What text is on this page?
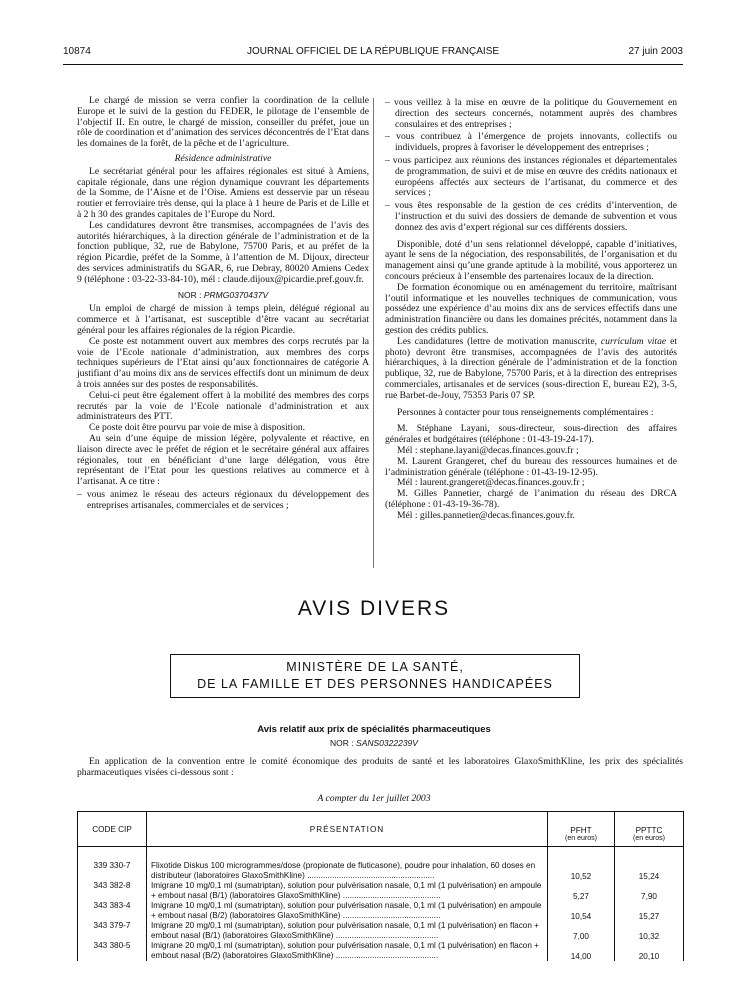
10874	JOURNAL OFFICIEL DE LA RÉPUBLIQUE FRANÇAISE	27 juin 2003

Le chargé de mission se verra confier la coordination de la cellule Europe et le suivi de la gestion du FEDER, le pilotage de l’ensemble de l’objectif II. En outre, le chargé de mission, conseiller du préfet, joue un rôle de coordination et d’animation des services déconcentrés de l’Etat dans les domaines de la forêt, de la pêche et de l’agriculture.

Résidence administrative

Le secrétariat général pour les affaires régionales est situé à Amiens, capitale régionale, dans une région dynamique couvrant les départements de la Somme, de l’Aisne et de l’Oise. Amiens est desservie par un réseau routier et ferroviaire très dense, qui la place à 1 heure de Paris et de Lille et à 2 h 30 des grandes capitales de l’Europe du Nord.

Les candidatures devront être transmises, accompagnées de l’avis des autorités hiérarchiques, à la direction générale de l’administration et de la fonction publique, 32, rue de Babylone, 75700 Paris, et au préfet de la région Picardie, préfet de la Somme, à l’attention de M. Dijoux, directeur des services administratifs du SGAR, 6, rue Debray, 80020 Amiens Cedex 9 (téléphone : 03-22-33-84-10), mél : claude.dijoux@picardie.pref.gouv.fr.

NOR : PRMG0370437V

Un emploi de chargé de mission à temps plein, délégué régional au commerce et à l’artisanat, est susceptible d’être vacant au secrétariat général pour les affaires régionales de la région Picardie.

Ce poste est notamment ouvert aux membres des corps recrutés par la voie de l’Ecole nationale d’administration, aux membres des corps techniques supérieurs de l’Etat ainsi qu’aux fonctionnaires de catégorie A justifiant d’au moins dix ans de services effectifs dont un minimum de deux à trois années sur des postes de responsabilités.

Celui-ci peut être également offert à la mobilité des membres des corps recrutés par la voie de l’Ecole nationale d’administration et aux administrateurs des PTT.

Ce poste doit être pourvu par voie de mise à disposition.

Au sein d’une équipe de mission légère, polyvalente et réactive, en liaison directe avec le préfet de région et le secrétaire général aux affaires régionales, tout en bénéficiant d’une large délégation, vous être représentant de l’Etat pour les questions relatives au commerce et à l’artisanat. A ce titre :

– vous animez le réseau des acteurs régionaux du développement des entreprises artisanales, commerciales et de services ;

– vous veillez à la mise en œuvre de la politique du Gouvernement en direction des secteurs concernés, notamment auprès des chambres consulaires et des entreprises ;

– vous contribuez à l’émergence de projets innovants, collectifs ou individuels, propres à favoriser le développement des entreprises ;

– vous participez aux réunions des instances régionales et départementales de programmation, de suivi et de mise en œuvre des crédits nationaux et européens affectés aux secteurs de l’artisanat, du commerce et des services ;

– vous êtes responsable de la gestion de ces crédits d’intervention, de l’instruction et du suivi des dossiers de demande de subvention et vous donnez des avis d’expert régional sur ces différents dossiers.

Disponible, doté d’un sens relationnel développé, capable d’initiatives, ayant le sens de la négociation, des responsabilités, de l’organisation et du management ainsi qu’une grande aptitude à la mobilité, vous apporterez un concours précieux à l’ensemble des partenaires locaux de la direction.

De formation économique ou en aménagement du territoire, maîtrisant l’outil informatique et les nouvelles techniques de communication, vous possédez une expérience d’au moins dix ans de services effectifs dans une administration financière ou dans les domaines précités, notamment dans la gestion des crédits publics.

Les candidatures (lettre de motivation manuscrite, curriculum vitae et photo) devront être transmises, accompagnées de l’avis des autorités hiérarchiques, à la direction générale de l’administration et de la fonction publique, 32, rue de Babylone, 75700 Paris, et à la direction des entreprises commerciales, artisanales et de services (sous-direction E, bureau E2), 3-5, rue Barbet-de-Jouy, 75353 Paris 07 SP.

Personnes à contacter pour tous renseignements complémentaires :

M. Stéphane Layani, sous-directeur, sous-direction des affaires générales et budgétaires (téléphone : 01-43-19-24-17).

Mél : stephane.layani@decas.finances.gouv.fr ;

M. Laurent Grangeret, chef du bureau des ressources humaines et de l’administration générale (téléphone : 01-43-19-12-95).

Mél : laurent.grangeret@decas.finances.gouv.fr ;

M. Gilles Pannetier, chargé de l’animation du réseau des DRCA (téléphone : 01-43-19-36-78).

Mél : gilles.pannetier@decas.finances.gouv.fr.

AVIS DIVERS
MINISTÈRE DE LA SANTÉ,
DE LA FAMILLE ET DES PERSONNES HANDICAPÉES
Avis relatif aux prix de spécialités pharmaceutiques
NOR : SANS0322239V
En application de la convention entre le comité économique des produits de santé et les laboratoires GlaxoSmithKline, les prix des spécialités pharmaceutiques visées ci-dessous sont :
A compter du 1er juillet 2003
CODE CIP	PRÉSENTATION	PFHT
(en euros)	PPTTC
(en euros)

339 330-7	Flixotide Diskus 100 microgrammes/dose (propionate de fluticasone), poudre pour inhalation, 60 doses en distributeur (laboratoires GlaxoSmithKline) ........................................................	10,52	15,24
343 382-8	Imigrane 10 mg/0,1 ml (sumatriptan), solution pour pulvérisation nasale, 0,1 ml (1 pulvérisation) en ampoule + embout nasal (B/1) (laboratoires GlaxoSmithKline) ...........................................	5,27	7,90
343 383-4	Imigrane 10 mg/0,1 ml (sumatriptan), solution pour pulvérisation nasale, 0,1 ml (1 pulvérisation) en ampoule + embout nasal (B/2) (laboratoires GlaxoSmithKline) ...........................................	10,54	15,27
343 379-7	Imigrane 20 mg/0,1 ml (sumatriptan), solution pour pulvérisation nasale, 0,1 ml (1 pulvérisation) en flacon + embout nasal (B/1) (laboratoires GlaxoSmithKline) .............................................	7,00	10,32
343 380-5	Imigrane 20 mg/0,1 ml (sumatriptan), solution pour pulvérisation nasale, 0,1 ml (1 pulvérisation) en flacon + embout nasal (B/2) (laboratoires GlaxoSmithKline) .............................................	14,00	20,10
